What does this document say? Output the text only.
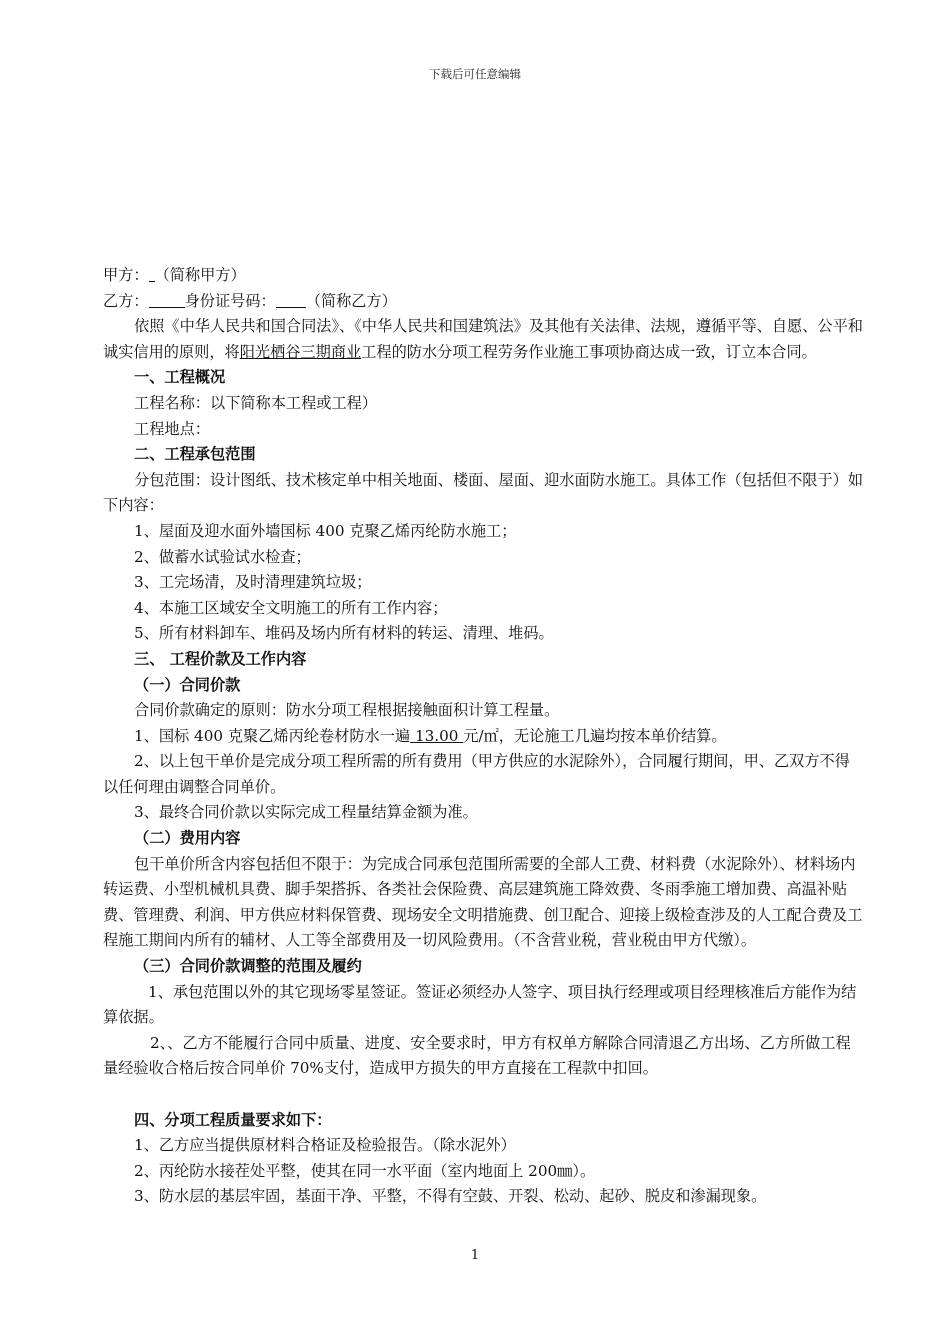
下载后可任意编辑
甲方： （简称甲方）
乙方： 身份证号码： （简称乙方）
依照《中华人民共和国合同法》、《中华人民共和国建筑法》及其他有关法律、法规，遵循平等、自愿、公平和诚实信用的原则，将阳光栖谷三期商业工程的防水分项工程劳务作业施工事项协商达成一致，订立本合同。
一、工程概况
工程名称：以下简称本工程或工程）
工程地点：
二、工程承包范围
分包范围：设计图纸、技术核定单中相关地面、楼面、屋面、迎水面防水施工。具体工作（包括但不限于）如下内容：
1、屋面及迎水面外墙国标 400 克聚乙烯丙纶防水施工；
2、做蓄水试验试水检查；
3、工完场清，及时清理建筑垃圾；
4、本施工区域安全文明施工的所有工作内容；
5、所有材料卸车、堆码及场内所有材料的转运、清理、堆码。
三、 工程价款及工作内容
（一）合同价款
合同价款确定的原则：防水分项工程根据接触面积计算工程量。
1、国标 400 克聚乙烯丙纶卷材防水一遍 13.00 元/㎡，无论施工几遍均按本单价结算。
2、以上包干单价是完成分项工程所需的所有费用（甲方供应的水泥除外），合同履行期间，甲、乙双方不得以任何理由调整合同单价。
3、最终合同价款以实际完成工程量结算金额为准。
（二）费用内容
包干单价所含内容包括但不限于：为完成合同承包范围所需要的全部人工费、材料费（水泥除外）、材料场内转运费、小型机械机具费、脚手架搭拆、各类社会保险费、高层建筑施工降效费、冬雨季施工增加费、高温补贴费、管理费、利润、甲方供应材料保管费、现场安全文明措施费、创卫配合、迎接上级检查涉及的人工配合费及工程施工期间内所有的辅材、人工等全部费用及一切风险费用。（不含营业税，营业税由甲方代缴）。
（三）合同价款调整的范围及履约
1、承包范围以外的其它现场零星签证。签证必须经办人签字、项目执行经理或项目经理核准后方能作为结算依据。
2、、乙方不能履行合同中质量、进度、安全要求时，甲方有权单方解除合同清退乙方出场、乙方所做工程量经验收合格后按合同单价 70%支付，造成甲方损失的甲方直接在工程款中扣回。
四、分项工程质量要求如下：
1、乙方应当提供原材料合格证及检验报告。（除水泥外）
2、丙纶防水接茬处平整，使其在同一水平面（室内地面上 200㎜）。
3、防水层的基层牢固，基面干净、平整，不得有空鼓、开裂、松动、起砂、脱皮和渗漏现象。
1
